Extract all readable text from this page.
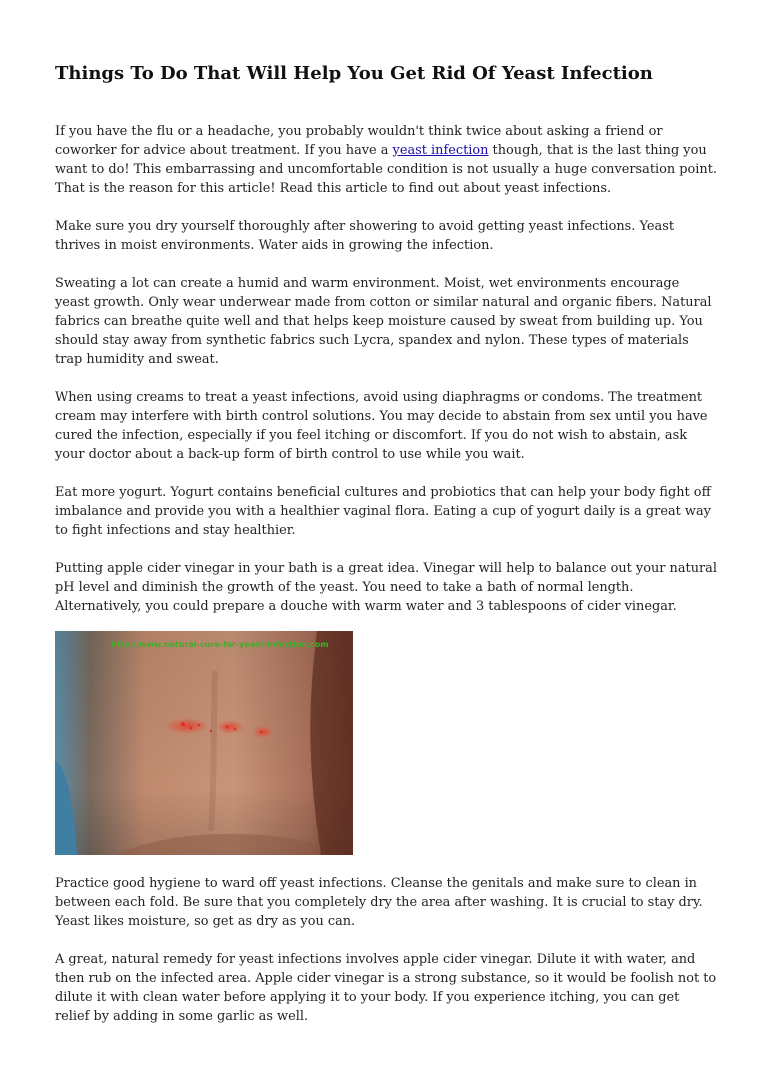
Things To Do That Will Help You Get Rid Of Yeast Infection

If you have the flu or a headache, you probably wouldn't think twice about asking a friend or coworker for advice about treatment. If you have a yeast infection though, that is the last thing you want to do! This embarrassing and uncomfortable condition is not usually a huge conversation point. That is the reason for this article! Read this article to find out about yeast infections.

Make sure you dry yourself thoroughly after showering to avoid getting yeast infections. Yeast thrives in moist environments. Water aids in growing the infection.

Sweating a lot can create a humid and warm environment. Moist, wet environments encourage yeast growth. Only wear underwear made from cotton or similar natural and organic fibers. Natural fabrics can breathe quite well and that helps keep moisture caused by sweat from building up. You should stay away from synthetic fabrics such Lycra, spandex and nylon. These types of materials trap humidity and sweat.

When using creams to treat a yeast infections, avoid using diaphragms or condoms. The treatment cream may interfere with birth control solutions. You may decide to abstain from sex until you have cured the infection, especially if you feel itching or discomfort. If you do not wish to abstain, ask your doctor about a back-up form of birth control to use while you wait.

Eat more yogurt. Yogurt contains beneficial cultures and probiotics that can help your body fight off imbalance and provide you with a healthier vaginal flora. Eating a cup of yogurt daily is a great way to fight infections and stay healthier.

Putting apple cider vinegar in your bath is a great idea. Vinegar will help to balance out your natural pH level and diminish the growth of the yeast. You need to take a bath of normal length. Alternatively, you could prepare a douche with warm water and 3 tablespoons of cider vinegar.

http://www.natural-cure-for-yeast-infection.com

Practice good hygiene to ward off yeast infections. Cleanse the genitals and make sure to clean in between each fold. Be sure that you completely dry the area after washing. It is crucial to stay dry. Yeast likes moisture, so get as dry as you can.

A great, natural remedy for yeast infections involves apple cider vinegar. Dilute it with water, and then rub on the infected area. Apple cider vinegar is a strong substance, so it would be foolish not to dilute it with clean water before applying it to your body. If you experience itching, you can get relief by adding in some garlic as well.
